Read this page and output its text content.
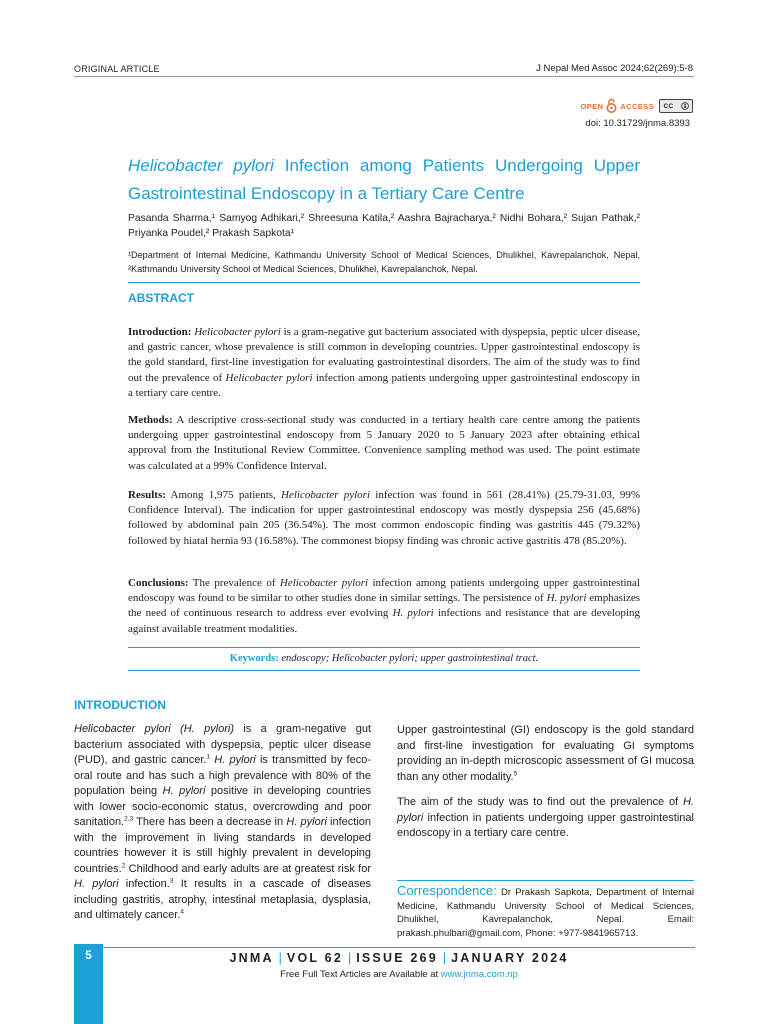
ORIGINAL ARTICLE	J Nepal Med Assoc 2024;62(269):5-8
OPEN ACCESS CC
doi: 10.31729/jnma.8393
Helicobacter pylori Infection among Patients Undergoing Upper Gastrointestinal Endoscopy in a Tertiary Care Centre
Pasanda Sharma,¹ Samyog Adhikari,² Shreesuna Katila,² Aashra Bajracharya,² Nidhi Bohara,² Sujan Pathak,² Priyanka Poudel,² Prakash Sapkota¹
¹Department of Internal Medicine, Kathmandu University School of Medical Sciences, Dhulikhel, Kavrepalanchok, Nepal, ²Kathmandu University School of Medical Sciences, Dhulikhel, Kavrepalanchok, Nepal.
ABSTRACT
Introduction: Helicobacter pylori is a gram-negative gut bacterium associated with dyspepsia, peptic ulcer disease, and gastric cancer, whose prevalence is still common in developing countries. Upper gastrointestinal endoscopy is the gold standard, first-line investigation for evaluating gastrointestinal disorders. The aim of the study was to find out the prevalence of Helicobacter pylori infection among patients undergoing upper gastrointestinal endoscopy in a tertiary care centre.
Methods: A descriptive cross-sectional study was conducted in a tertiary health care centre among the patients undergoing upper gastrointestinal endoscopy from 5 January 2020 to 5 January 2023 after obtaining ethical approval from the Institutional Review Committee. Convenience sampling method was used. The point estimate was calculated at a 99% Confidence Interval.
Results: Among 1,975 patients, Helicobacter pylori infection was found in 561 (28.41%) (25.79-31.03, 99% Confidence Interval). The indication for upper gastrointestinal endoscopy was mostly dyspepsia 256 (45.68%) followed by abdominal pain 205 (36.54%). The most common endoscopic finding was gastritis 445 (79.32%) followed by hiatal hernia 93 (16.58%). The commonest biopsy finding was chronic active gastritis 478 (85.20%).
Conclusions: The prevalence of Helicobacter pylori infection among patients undergoing upper gastrointestinal endoscopy was found to be similar to other studies done in similar settings. The persistence of H. pylori emphasizes the need of continuous research to address ever evolving H. pylori infections and resistance that are developing against available treatment modalities.
Keywords: endoscopy; Helicobacter pylori; upper gastrointestinal tract.
INTRODUCTION
Helicobacter pylori (H. pylori) is a gram-negative gut bacterium associated with dyspepsia, peptic ulcer disease (PUD), and gastric cancer.$^1$ H. pylori is transmitted by feco-oral route and has such a high prevalence with 80% of the population being H. pylori positive in developing countries with lower socio-economic status, overcrowding and poor sanitation.$^{2,3}$ There has been a decrease in H. pylori infection with the improvement in living standards in developed countries however it is still highly prevalent in developing countries.$^2$ Childhood and early adults are at greatest risk for H. pylori infection.$^3$ It results in a cascade of diseases including gastritis, atrophy, intestinal metaplasia, dysplasia, and ultimately cancer.$^4$
Upper gastrointestinal (GI) endoscopy is the gold standard and first-line investigation for evaluating GI symptoms providing an in-depth microscopic assessment of GI mucosa than any other modality.$^5$
The aim of the study was to find out the prevalence of H. pylori infection in patients undergoing upper gastrointestinal endoscopy in a tertiary care centre.
Correspondence: Dr Prakash Sapkota, Department of Internal Medicine, Kathmandu University School of Medical Sciences, Dhulikhel, Kavrepalanchok, Nepal. Email: prakash.phulbari@gmail.com, Phone: +977-9841965713.
5	JNMA | VOL 62 | ISSUE 269 | JANUARY 2024
Free Full Text Articles are Available at www.jnma.com.np
